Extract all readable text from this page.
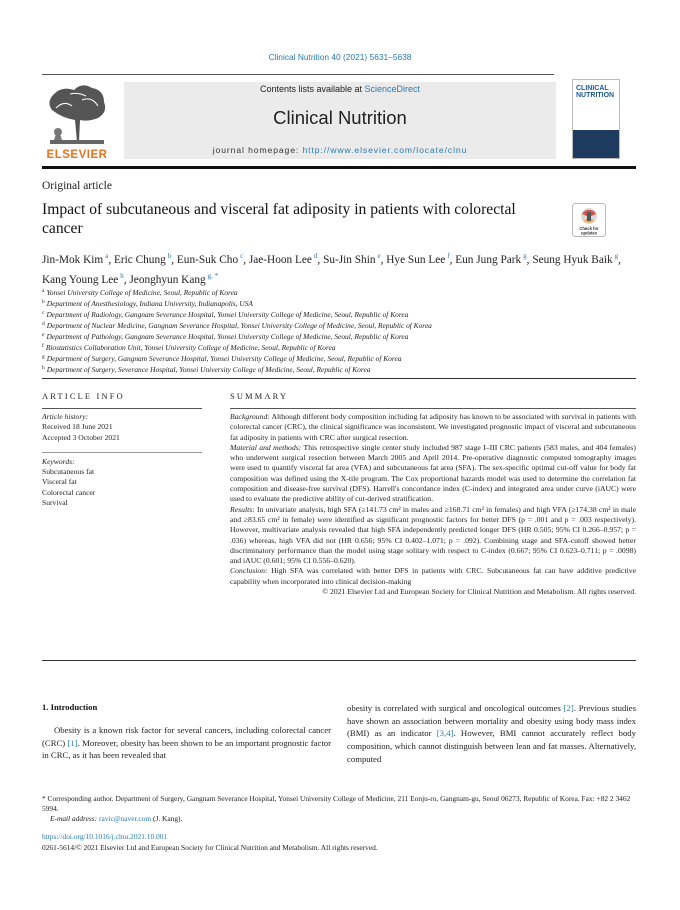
Clinical Nutrition 40 (2021) 5631–5638
ELSEVIER
Contents lists available at ScienceDirect
Clinical Nutrition
journal homepage: http://www.elsevier.com/locate/clnu
CLINICAL NUTRITION
Original article
Impact of subcutaneous and visceral fat adiposity in patients with colorectal cancer	Check for
updates
Jin-Mok Kim $^a$, Eric Chung $^b$, Eun-Suk Cho $^c$, Jae-Hoon Lee $^d$, Su-Jin Shin $^e$, Hye Sun Lee $^f$, Eun Jung Park $^g$, Seung Hyuk Baik $^g$, Kang Young Lee $^h$, Jeonghyun Kang $^{g, *}$
$^a$ Yonsei University College of Medicine, Seoul, Republic of Korea
$^b$ Department of Anesthesiology, Indiana University, Indianapolis, USA
$^c$ Department of Radiology, Gangnam Severance Hospital, Yonsei University College of Medicine, Seoul, Republic of Korea
$^d$ Department of Nuclear Medicine, Gangnam Severance Hospital, Yonsei University College of Medicine, Seoul, Republic of Korea
$^e$ Department of Pathology, Gangnam Severance Hospital, Yonsei University College of Medicine, Seoul, Republic of Korea
$^f$ Biostatistics Collaboration Unit, Yonsei University College of Medicine, Seoul, Republic of Korea
$^g$ Department of Surgery, Gangnam Severance Hospital, Yonsei University College of Medicine, Seoul, Republic of Korea
$^h$ Department of Surgery, Severance Hospital, Yonsei University College of Medicine, Seoul, Republic of Korea
ARTICLE INFO	SUMMARY
Article history:
Received 18 June 2021
Accepted 3 October 2021
Keywords:
Subcutaneous fat
Visceral fat
Colorectal cancer
Survival

Background: Although different body composition including fat adiposity has known to be associated with survival in patients with colorectal cancer (CRC), the clinical significance was inconsistent. We investigated prognostic impact of visceral and subcutaneous fat adiposity in patients with CRC after surgical resection.

Material and methods: This retrospective single center study included 987 stage I–III CRC patients (583 males, and 404 females) who underwent surgical resection between March 2005 and April 2014. Pre-operative diagnostic computed tomography images were used to quantify visceral fat area (VFA) and subcutaneous fat area (SFA). The sex-specific optimal cut-off value for body fat composition was defined using the X-tile program. The Cox proportional hazards model was used to determine the correlation fat composition and disease-free survival (DFS). Harrell's concordance index (C-index) and integrated area under curve (iAUC) were used to evaluate the predictive ability of cut-derived stratification.

Results: In univariate analysis, high SFA (≥141.73 cm² in males and ≥168.71 cm² in females) and high VFA (≥174.38 cm² in male and ≥83.65 cm² in female) were identified as significant prognostic factors for better DFS (p = .001 and p = .003 respectively). However, multivariate analysis revealed that high SFA independently predicted longer DFS (HR 0.505; 95% CI 0.266–0.957; p = .036) whereas, high VFA did not (HR 0.656; 95% CI 0.402–1.071; p = .092). Combining stage and SFA-cutoff showed better discriminatory performance than the model using stage solitary with respect to C-index (0.667; 95% CI 0.623–0.711; p = .0098) and iAUC (0.601; 95% CI 0.556–0.620).

Conclusion: High SFA was correlated with better DFS in patients with CRC. Subcutaneous fat can have additive predictive capability when incorporated into clinical decision-making

© 2021 Elsevier Ltd and European Society for Clinical Nutrition and Metabolism. All rights reserved.

1. Introduction

Obesity is a known risk factor for several cancers, including colorectal cancer (CRC) [1]. Moreover, obesity has been shown to be an important prognostic factor in CRC, as it has been revealed that

obesity is correlated with surgical and oncological outcomes [2]. Previous studies have shown an association between mortality and obesity using body mass index (BMI) as an indicator [3,4]. However, BMI cannot accurately reflect body composition, which cannot distinguish between lean and fat masses. Alternatively, computed

* Corresponding author. Department of Surgery, Gangnam Severance Hospital, Yonsei University College of Medicine, 211 Eonju-ro, Gangnam-gu, Seoul 06273, Republic of Korea. Fax: +82 2 3462 5994.
E-mail address: ravic@naver.com (J. Kang).
https://doi.org/10.1016/j.clnu.2021.10.001
0261-5614/© 2021 Elsevier Ltd and European Society for Clinical Nutrition and Metabolism. All rights reserved.
